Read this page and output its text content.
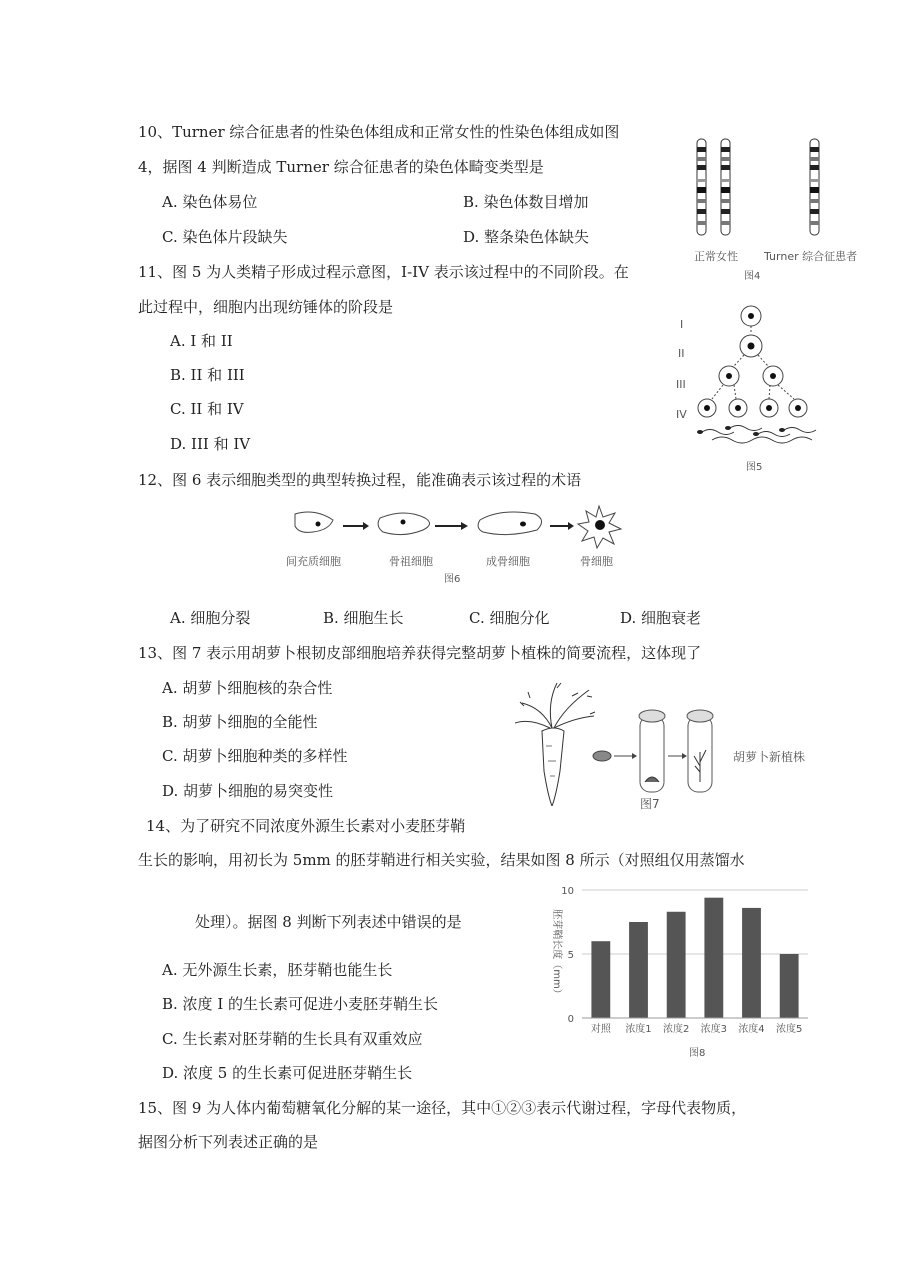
10、Turner 综合征患者的性染色体组成和正常女性的性染色体组成如图
4，据图 4 判断造成 Turner 综合征患者的染色体畸变类型是
A. 染色体易位	B. 染色体数目增加
C. 染色体片段缺失	D. 整条染色体缺失
正常女性 Turner 综合征患者
图4
11、图 5 为人类精子形成过程示意图，I-IV 表示该过程中的不同阶段。在
此过程中，细胞内出现纺锤体的阶段是
A. I 和 II
B. II 和 III
C. II 和 IV
D. III 和 IV
I
II
III
IV
图5
12、图 6 表示细胞类型的典型转换过程，能准确表示该过程的术语
间充质细胞	骨祖细胞	成骨细胞	骨细胞
图6
A. 细胞分裂	B. 细胞生长	C. 细胞分化	D. 细胞衰老
13、图 7 表示用胡萝卜根韧皮部细胞培养获得完整胡萝卜植株的简要流程，这体现了
A. 胡萝卜细胞核的杂合性
B. 胡萝卜细胞的全能性
C. 胡萝卜细胞种类的多样性
D. 胡萝卜细胞的易突变性
胡萝卜新植株
图7
14、为了研究不同浓度外源生长素对小麦胚芽鞘
生长的影响，用初长为 5mm 的胚芽鞘进行相关实验，结果如图 8 所示（对照组仅用蒸馏水
处理）。据图 8 判断下列表述中错误的是
A. 无外源生长素，胚芽鞘也能生长
B. 浓度 I 的生长素可促进小麦胚芽鞘生长
C. 生长素对胚芽鞘的生长具有双重效应
D. 浓度 5 的生长素可促进胚芽鞘生长
0
5
10
胚芽鞘长度（mm）
对照 浓度1 浓度2 浓度3 浓度4 浓度5
图8
15、图 9 为人体内葡萄糖氧化分解的某一途径，其中①②③表示代谢过程，字母代表物质，
据图分析下列表述正确的是
